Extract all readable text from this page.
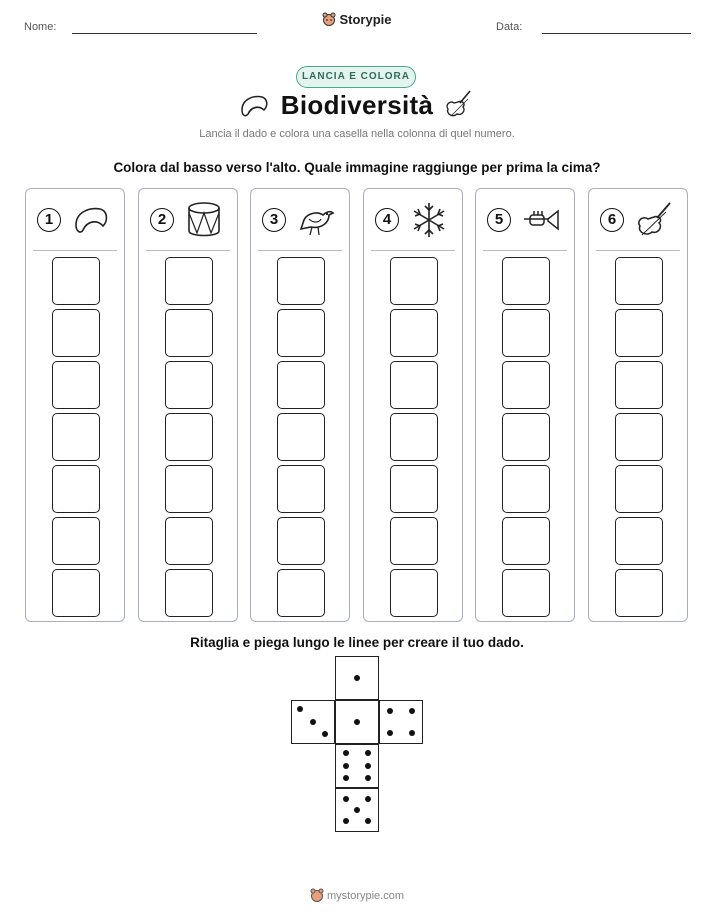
Nome:	Storypie	Data:
LANCIA E COLORA
Biodiversità
Lancia il dado e colora una casella nella colonna di quel numero.
Colora dal basso verso l'alto. Quale immagine raggiunge per prima la cima?
1	2	3	4	5	6
Ritaglia e piega lungo le linee per creare il tuo dado.
mystorypie.com
